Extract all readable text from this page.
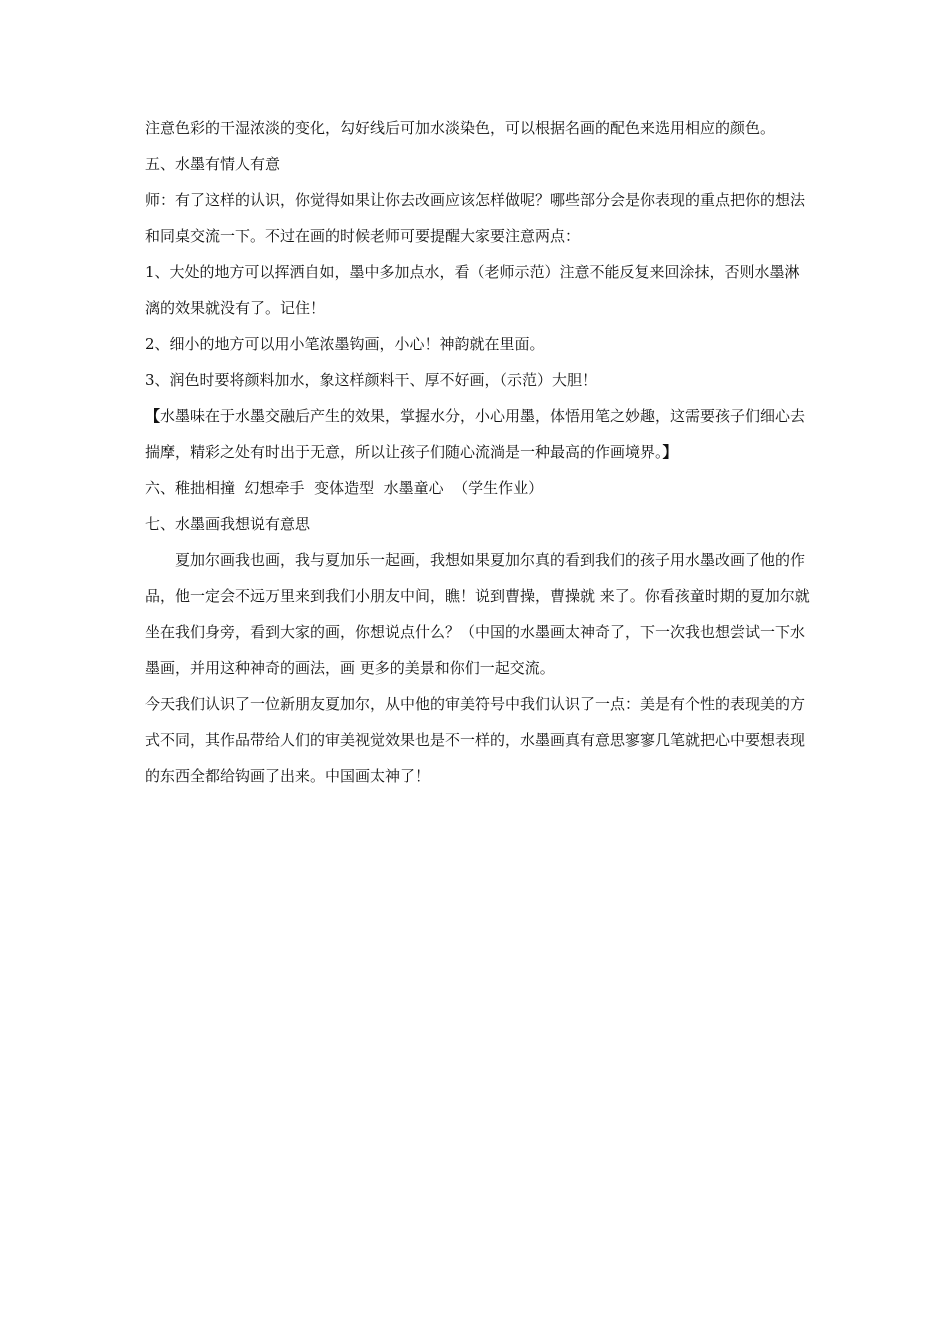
注意色彩的干湿浓淡的变化，勾好线后可加水淡染色，可以根据名画的配色来选用相应的颜色。

五、水墨有情人有意

师：有了这样的认识，你觉得如果让你去改画应该怎样做呢？哪些部分会是你表现的重点把你的想法和同桌交流一下。不过在画的时候老师可要提醒大家要注意两点：

1、大处的地方可以挥洒自如，墨中多加点水，看（老师示范）注意不能反复来回涂抹，否则水墨淋漓的效果就没有了。记住！

2、细小的地方可以用小笔浓墨钩画，小心！神韵就在里面。

3、润色时要将颜料加水，象这样颜料干、厚不好画，（示范）大胆！

【水墨味在于水墨交融后产生的效果，掌握水分，小心用墨，体悟用笔之妙趣，这需要孩子们细心去揣摩，精彩之处有时出于无意，所以让孩子们随心流淌是一种最高的作画境界。】

六、稚拙相撞  幻想牵手  变体造型  水墨童心  （学生作业）

七、水墨画我想说有意思

夏加尔画我也画，我与夏加乐一起画，我想如果夏加尔真的看到我们的孩子用水墨改画了他的作品，他一定会不远万里来到我们小朋友中间，瞧！说到曹操，曹操就 来了。你看孩童时期的夏加尔就坐在我们身旁，看到大家的画，你想说点什么？（中国的水墨画太神奇了，下一次我也想尝试一下水墨画，并用这种神奇的画法，画 更多的美景和你们一起交流。

今天我们认识了一位新朋友夏加尔，从中他的审美符号中我们认识了一点：美是有个性的表现美的方式不同，其作品带给人们的审美视觉效果也是不一样的，水墨画真有意思寥寥几笔就把心中要想表现的东西全都给钩画了出来。中国画太神了！
